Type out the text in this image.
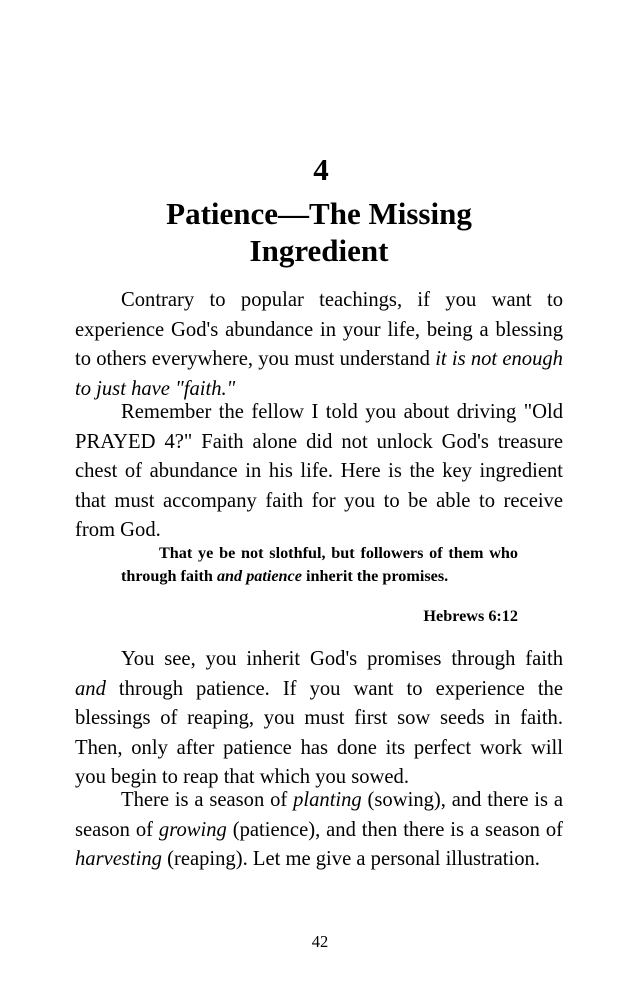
4
Patience—The Missing Ingredient

Contrary to popular teachings, if you want to experience God's abundance in your life, being a blessing to others everywhere, you must understand it is not enough to just have "faith."

Remember the fellow I told you about driving "Old PRAYED 4?" Faith alone did not unlock God's treasure chest of abundance in his life. Here is the key ingredient that must accompany faith for you to be able to receive from God.

That ye be not slothful, but followers of them who through faith and patience inherit the promises.

Hebrews 6:12

You see, you inherit God's promises through faith and through patience. If you want to experience the blessings of reaping, you must first sow seeds in faith. Then, only after patience has done its perfect work will you begin to reap that which you sowed.

There is a season of planting (sowing), and there is a season of growing (patience), and then there is a season of harvesting (reaping). Let me give a personal illustration.

42
